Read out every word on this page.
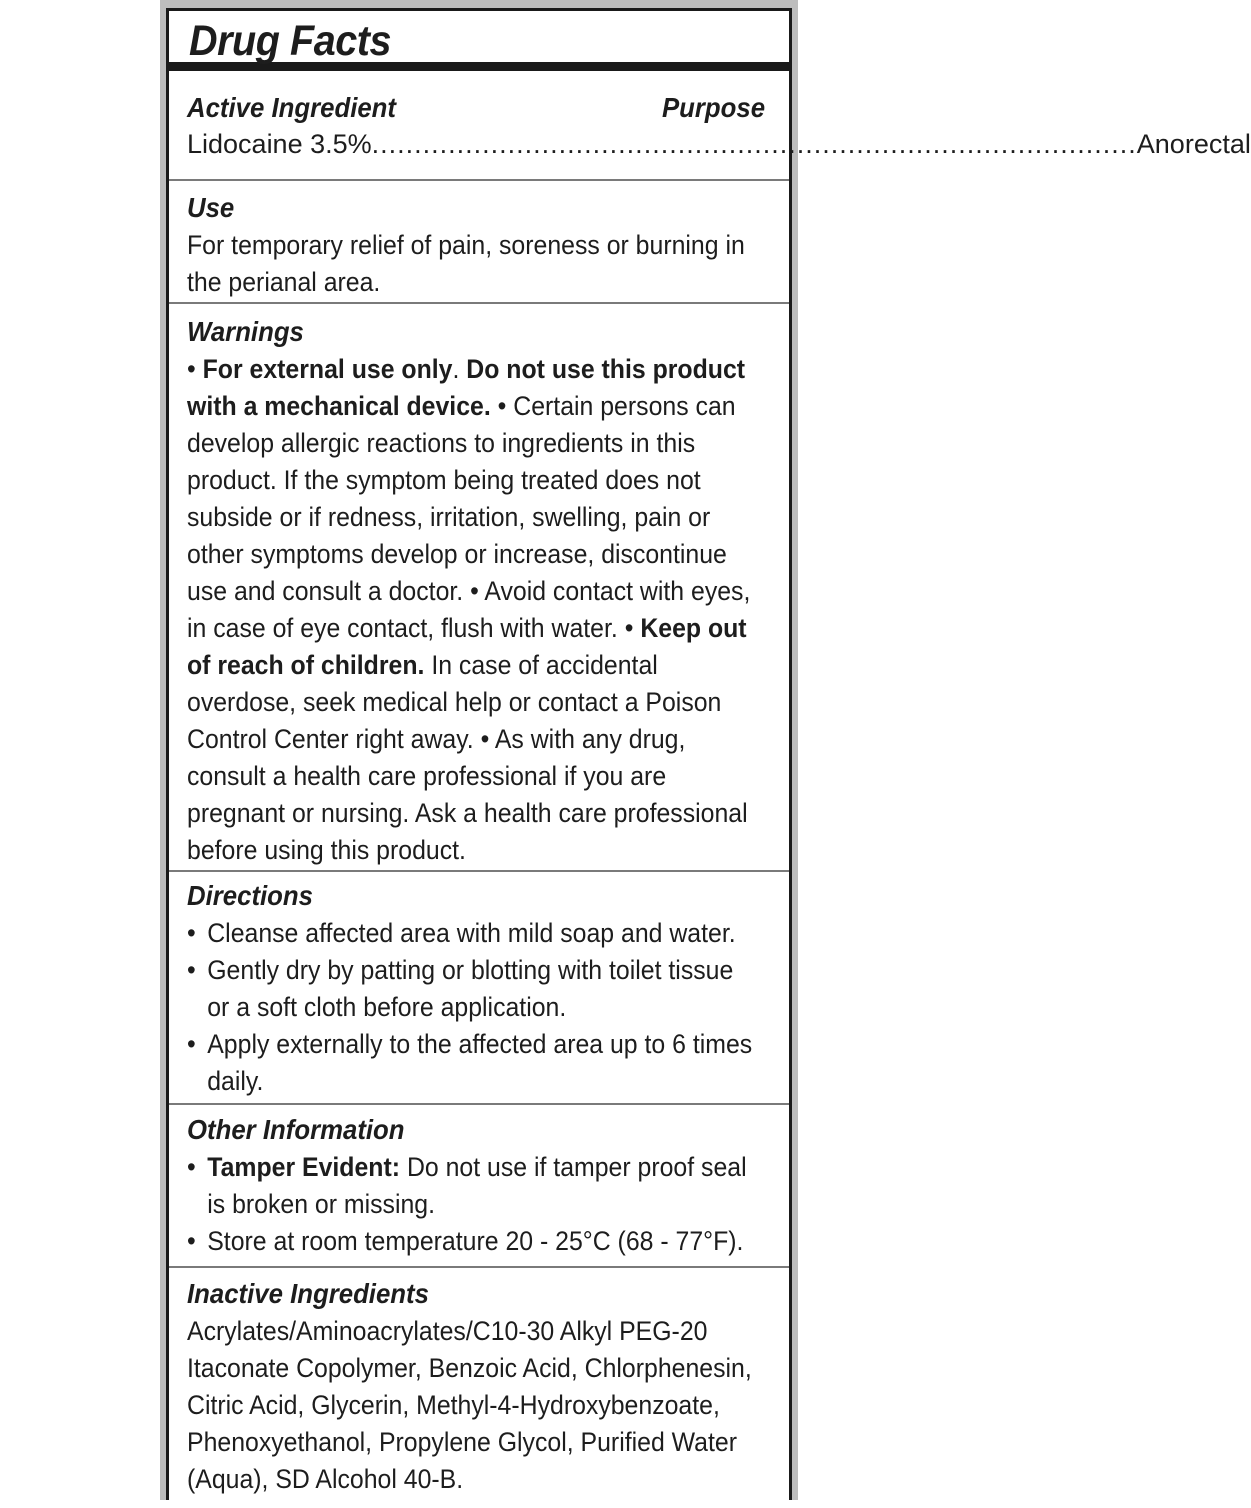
Drug Facts
Active Ingredient	Purpose
Lidocaine 3.5% .......................................................................................... Anorectal
Use
For temporary relief of pain, soreness or burning in the perianal area.
Warnings
• For external use only. Do not use this product with a mechanical device. • Certain persons can develop allergic reactions to ingredients in this product. If the symptom being treated does not subside or if redness, irritation, swelling, pain or other symptoms develop or increase, discontinue use and consult a doctor. • Avoid contact with eyes, in case of eye contact, flush with water. • Keep out of reach of children. In case of accidental overdose, seek medical help or contact a Poison Control Center right away. • As with any drug, consult a health care professional if you are pregnant or nursing. Ask a health care professional before using this product.
Directions
• Cleanse affected area with mild soap and water.
• Gently dry by patting or blotting with toilet tissue or a soft cloth before application.
• Apply externally to the affected area up to 6 times daily.
Other Information
• Tamper Evident: Do not use if tamper proof seal is broken or missing.
• Store at room temperature 20 - 25°C (68 - 77°F).
Inactive Ingredients
Acrylates/Aminoacrylates/C10-30 Alkyl PEG-20 Itaconate Copolymer, Benzoic Acid, Chlorphenesin, Citric Acid, Glycerin, Methyl-4-Hydroxybenzoate, Phenoxyethanol, Propylene Glycol, Purified Water (Aqua), SD Alcohol 40-B.
